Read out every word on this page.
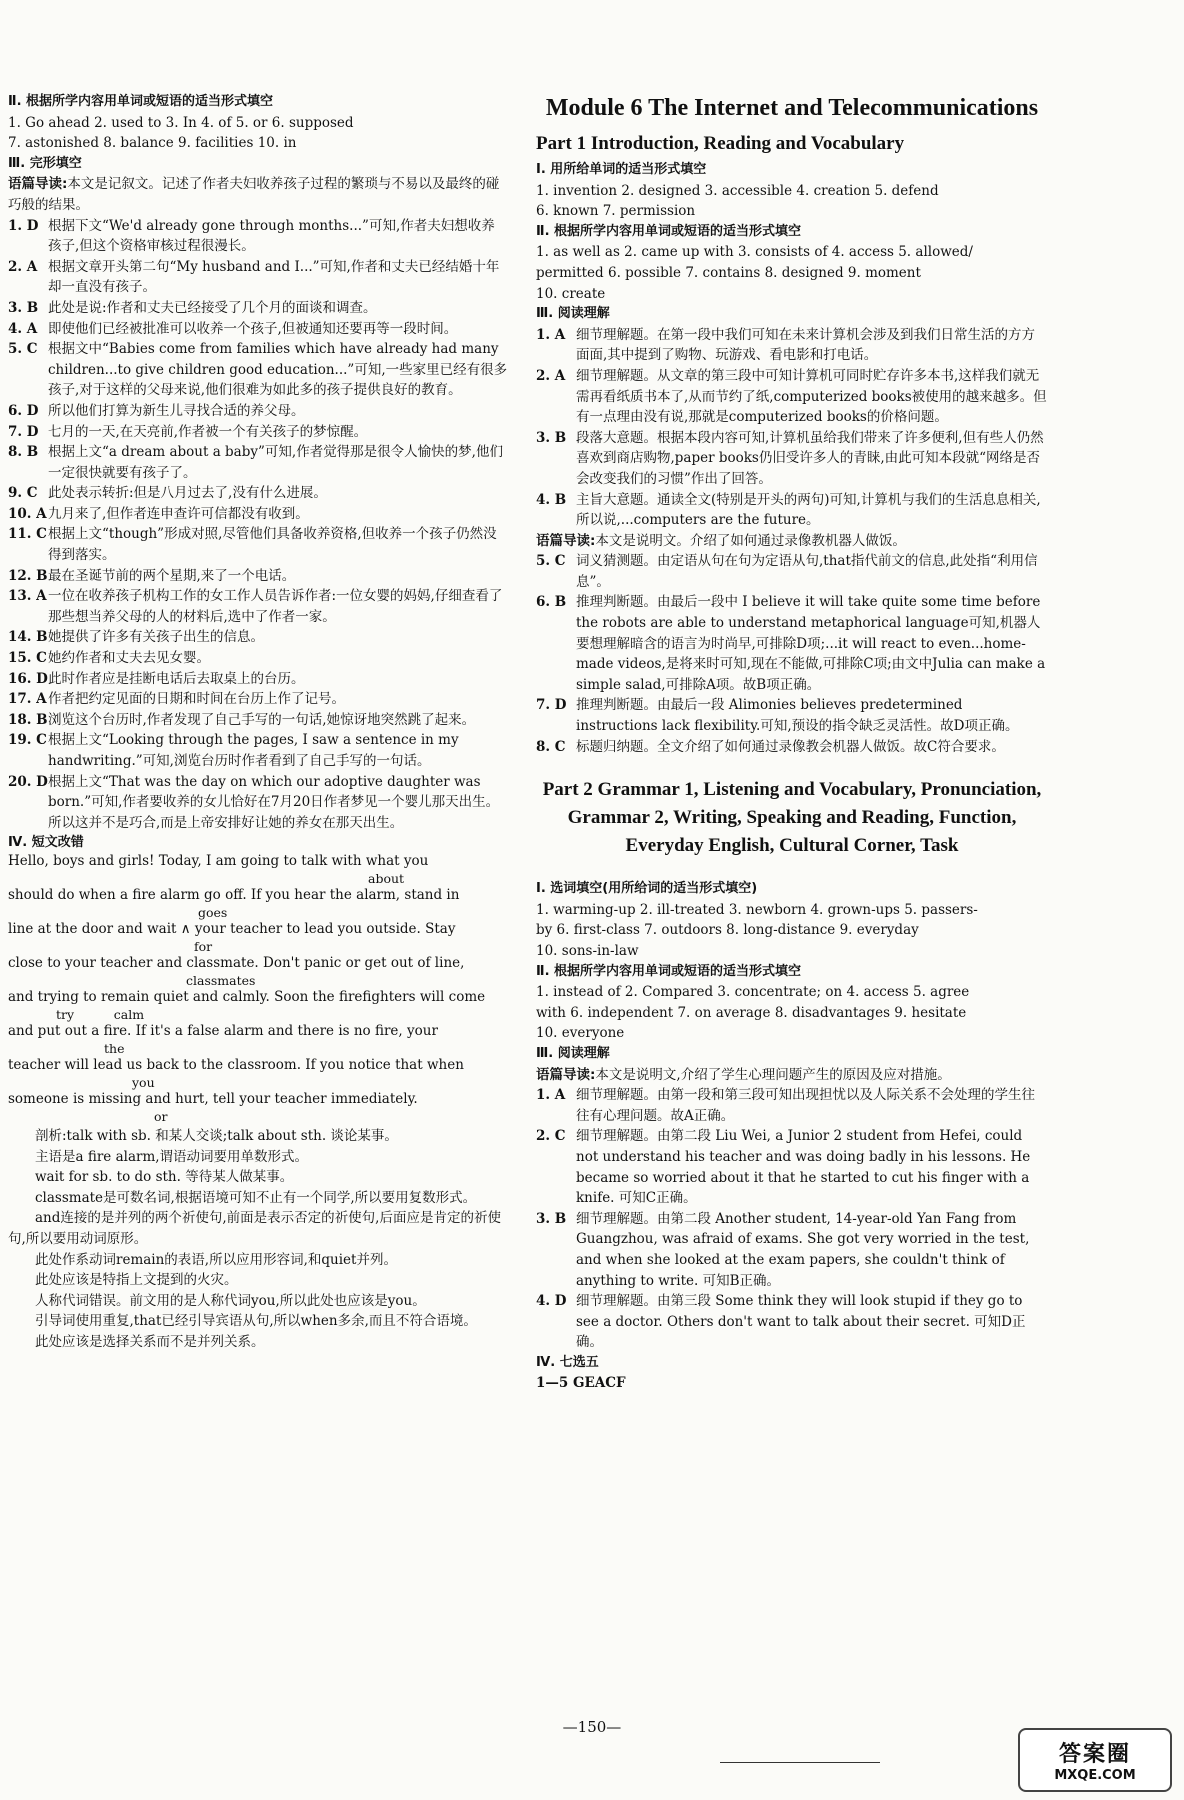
Ⅱ. 根据所学内容用单词或短语的适当形式填空

1. Go ahead 2. used to 3. In 4. of 5. or 6. supposed

7. astonished 8. balance 9. facilities 10. in

Ⅲ. 完形填空

语篇导读:本文是记叙文。记述了作者夫妇收养孩子过程的繁琐与不易以及最终的碰巧般的结果。

1. D 根据下文“We'd already gone through months...”可知,作者夫妇想收养孩子,但这个资格审核过程很漫长。
2. A 根据文章开头第二句“My husband and I...”可知,作者和丈夫已经结婚十年却一直没有孩子。
3. B 此处是说:作者和丈夫已经接受了几个月的面谈和调查。
4. A 即使他们已经被批准可以收养一个孩子,但被通知还要再等一段时间。
5. C 根据文中“Babies come from families which have already had many children...to give children good education...”可知,一些家里已经有很多孩子,对于这样的父母来说,他们很难为如此多的孩子提供良好的教育。
6. D 所以他们打算为新生儿寻找合适的养父母。
7. D 七月的一天,在天亮前,作者被一个有关孩子的梦惊醒。
8. B 根据上文“a dream about a baby”可知,作者觉得那是很令人愉快的梦,他们一定很快就要有孩子了。
9. C 此处表示转折:但是八月过去了,没有什么进展。
10. A 九月来了,但作者连申查许可信都没有收到。
11. C 根据上文“though”形成对照,尽管他们具备收养资格,但收养一个孩子仍然没得到落实。
12. B 最在圣诞节前的两个星期,来了一个电话。
13. A 一位在收养孩子机构工作的女工作人员告诉作者:一位女婴的妈妈,仔细查看了那些想当养父母的人的材料后,选中了作者一家。
14. B 她提供了许多有关孩子出生的信息。
15. C 她约作者和丈夫去见女婴。
16. D 此时作者应是挂断电话后去取桌上的台历。
17. A 作者把约定见面的日期和时间在台历上作了记号。
18. B 浏览这个台历时,作者发现了自己手写的一句话,她惊讶地突然跳了起来。
19. C 根据上文“Looking through the pages, I saw a sentence in my handwriting.”可知,浏览台历时作者看到了自己手写的一句话。
20. D 根据上文“That was the day on which our adoptive daughter was born.”可知,作者要收养的女儿恰好在7月20日作者梦见一个婴儿那天出生。所以这并不是巧合,而是上帝安排好让她的养女在那天出生。

Ⅳ. 短文改错

Hello, boys and girls! Today, I am going to talk with what you

about

should do when a fire alarm go off. If you hear the alarm, stand in

goes

line at the door and wait ∧ your teacher to lead you outside. Stay

for

close to your teacher and classmate. Don't panic or get out of line,

classmates

and trying to remain quiet and calmly. Soon the firefighters will come

try          calm

and put out a fire. If it's a false alarm and there is no fire, your

the

teacher will lead us back to the classroom. If you notice that when

you

someone is missing and hurt, tell your teacher immediately.

or

剖析:talk with sb. 和某人交谈;talk about sth. 谈论某事。

主语是a fire alarm,谓语动词要用单数形式。

wait for sb. to do sth. 等待某人做某事。

classmate是可数名词,根据语境可知不止有一个同学,所以要用复数形式。

and连接的是并列的两个祈使句,前面是表示否定的祈使句,后面应是肯定的祈使句,所以要用动词原形。

此处作系动词remain的表语,所以应用形容词,和quiet并列。

此处应该是特指上文提到的火灾。

人称代词错误。前文用的是人称代词you,所以此处也应该是you。

引导词使用重复,that已经引导宾语从句,所以when多余,而且不符合语境。

此处应该是选择关系而不是并列关系。

Module 6 The Internet and Telecommunications

Part 1 Introduction, Reading and Vocabulary

Ⅰ. 用所给单词的适当形式填空

1. invention 2. designed 3. accessible 4. creation 5. defend

6. known 7. permission

Ⅱ. 根据所学内容用单词或短语的适当形式填空

1. as well as 2. came up with 3. consists of 4. access 5. allowed/

permitted 6. possible 7. contains 8. designed 9. moment

10. create

Ⅲ. 阅读理解

1. A 细节理解题。在第一段中我们可知在未来计算机会涉及到我们日常生活的方方面面,其中提到了购物、玩游戏、看电影和打电话。
2. A 细节理解题。从文章的第三段中可知计算机可同时贮存许多本书,这样我们就无需再看纸质书本了,从而节约了纸,computerized books被使用的越来越多。但有一点理由没有说,那就是computerized books的价格问题。
3. B 段落大意题。根据本段内容可知,计算机虽给我们带来了许多便利,但有些人仍然喜欢到商店购物,paper books仍旧受许多人的青睐,由此可知本段就“网络是否会改变我们的习惯”作出了回答。
4. B 主旨大意题。通读全文(特别是开头的两句)可知,计算机与我们的生活息息相关,所以说,...computers are the future。

语篇导读:本文是说明文。介绍了如何通过录像教机器人做饭。

5. C 词义猜测题。由定语从句在句为定语从句,that指代前文的信息,此处指“利用信息”。
6. B 推理判断题。由最后一段中 I believe it will take quite some time before the robots are able to understand metaphorical language可知,机器人要想理解暗含的语言为时尚早,可排除D项;...it will react to even...home-made videos,是将来时可知,现在不能做,可排除C项;由文中Julia can make a simple salad,可排除A项。故B项正确。
7. D 推理判断题。由最后一段 Alimonies believes predetermined instructions lack flexibility.可知,预设的指令缺乏灵活性。故D项正确。
8. C 标题归纳题。全文介绍了如何通过录像教会机器人做饭。故C符合要求。

Part 2 Grammar 1, Listening and Vocabulary, Pronunciation, Grammar 2, Writing, Speaking and Reading, Function, Everyday English, Cultural Corner, Task

Ⅰ. 选词填空(用所给词的适当形式填空)

1. warming-up 2. ill-treated 3. newborn 4. grown-ups 5. passers-

by 6. first-class 7. outdoors 8. long-distance 9. everyday

10. sons-in-law

Ⅱ. 根据所学内容用单词或短语的适当形式填空

1. instead of 2. Compared 3. concentrate; on 4. access 5. agree

with 6. independent 7. on average 8. disadvantages 9. hesitate

10. everyone

Ⅲ. 阅读理解

语篇导读:本文是说明文,介绍了学生心理问题产生的原因及应对措施。

1. A 细节理解题。由第一段和第三段可知出现担忧以及人际关系不会处理的学生往往有心理问题。故A正确。
2. C 细节理解题。由第二段 Liu Wei, a Junior 2 student from Hefei, could not understand his teacher and was doing badly in his lessons. He became so worried about it that he started to cut his finger with a knife. 可知C正确。
3. B 细节理解题。由第二段 Another student, 14-year-old Yan Fang from Guangzhou, was afraid of exams. She got very worried in the test, and when she looked at the exam papers, she couldn't think of anything to write. 可知B正确。
4. D 细节理解题。由第三段 Some think they will look stupid if they go to see a doctor. Others don't want to talk about their secret. 可知D正确。

Ⅳ. 七选五

1—5 GEACF

—150—
答案圈
MXQE.COM
